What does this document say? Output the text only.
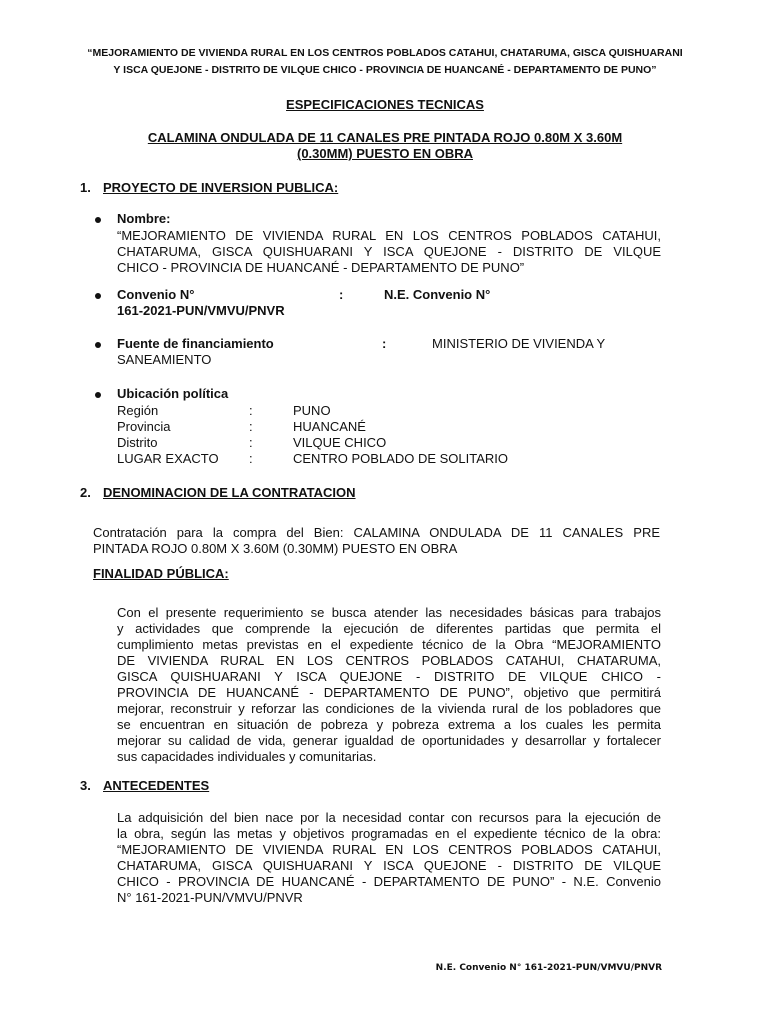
“MEJORAMIENTO DE VIVIENDA RURAL EN LOS CENTROS POBLADOS CATAHUI, CHATARUMA, GISCA QUISHUARANI
Y ISCA QUEJONE - DISTRITO DE VILQUE CHICO - PROVINCIA DE HUANCANÉ - DEPARTAMENTO DE PUNO”
ESPECIFICACIONES TECNICAS
CALAMINA ONDULADA DE 11 CANALES PRE PINTADA ROJO 0.80M X 3.60M
(0.30MM) PUESTO EN OBRA
1. PROYECTO DE INVERSION PUBLICA:
Nombre:
“MEJORAMIENTO DE VIVIENDA RURAL EN LOS CENTROS POBLADOS CATAHUI,
CHATARUMA, GISCA QUISHUARANI Y ISCA QUEJONE - DISTRITO DE VILQUE
CHICO - PROVINCIA DE HUANCANÉ - DEPARTAMENTO DE PUNO”
Convenio N°	:	N.E. Convenio N°
161-2021-PUN/VMVU/PNVR
Fuente de financiamiento	:	MINISTERIO DE VIVIENDA Y
SANEAMIENTO
Ubicación política
Región	:	PUNO
Provincia	:	HUANCANÉ
Distrito	:	VILQUE CHICO
LUGAR EXACTO :	CENTRO POBLADO DE SOLITARIO
2. DENOMINACION DE LA CONTRATACION
Contratación para la compra del Bien: CALAMINA ONDULADA DE 11 CANALES PRE
PINTADA ROJO 0.80M X 3.60M (0.30MM) PUESTO EN OBRA
FINALIDAD PÚBLICA:
Con el presente requerimiento se busca atender las necesidades básicas para trabajos
y actividades que comprende la ejecución de diferentes partidas que permita el
cumplimiento metas previstas en el expediente técnico de la Obra “MEJORAMIENTO
DE VIVIENDA RURAL EN LOS CENTROS POBLADOS CATAHUI, CHATARUMA,
GISCA QUISHUARANI Y ISCA QUEJONE - DISTRITO DE VILQUE CHICO -
PROVINCIA DE HUANCANÉ - DEPARTAMENTO DE PUNO”, objetivo que permitirá
mejorar, reconstruir y reforzar las condiciones de la vivienda rural de los pobladores que
se encuentran en situación de pobreza y pobreza extrema a los cuales les permita
mejorar su calidad de vida, generar igualdad de oportunidades y desarrollar y fortalecer
sus capacidades individuales y comunitarias.
3. ANTECEDENTES
La adquisición del bien nace por la necesidad contar con recursos para la ejecución de
la obra, según las metas y objetivos programadas en el expediente técnico de la obra:
“MEJORAMIENTO DE VIVIENDA RURAL EN LOS CENTROS POBLADOS CATAHUI,
CHATARUMA, GISCA QUISHUARANI Y ISCA QUEJONE - DISTRITO DE VILQUE
CHICO - PROVINCIA DE HUANCANÉ - DEPARTAMENTO DE PUNO” - N.E. Convenio
N° 161-2021-PUN/VMVU/PNVR
N.E. Convenio N° 161-2021-PUN/VMVU/PNVR
